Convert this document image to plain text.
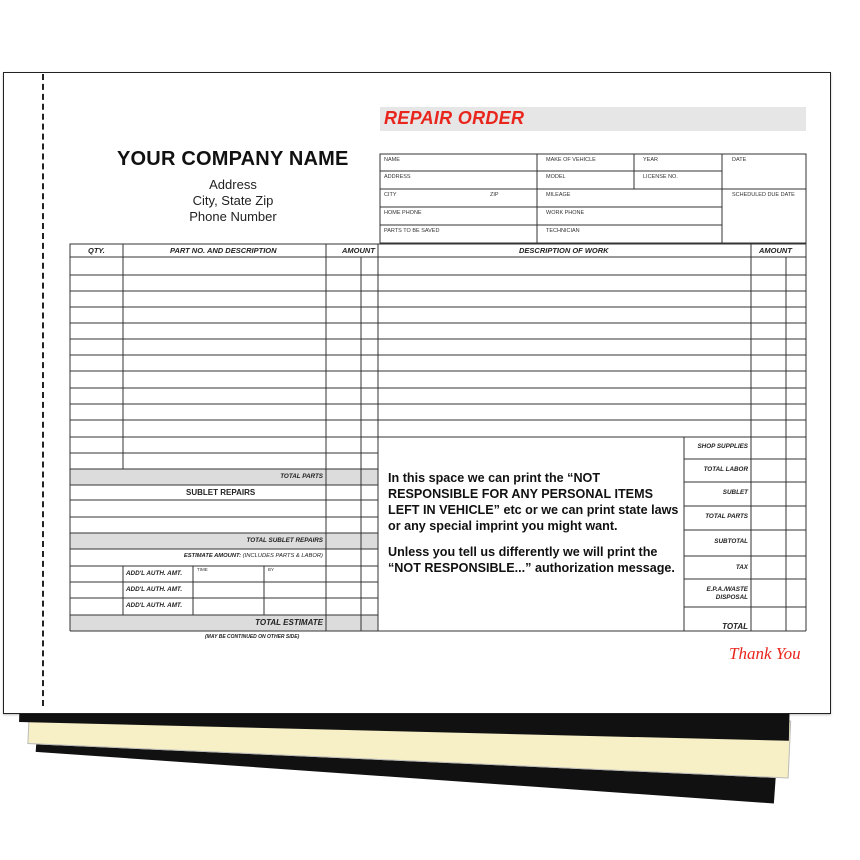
REPAIR ORDER
YOUR COMPANY NAME
Address
City, State Zip
Phone Number
NAME	MAKE OF VEHICLE	YEAR	DATE
ADDRESS	MODEL	LICENSE NO.
CITY	ZIP	MILEAGE	SCHEDULED DUE DATE
HOME PHONE	WORK PHONE
PARTS TO BE SAVED	TECHNICIAN
QTY.	PART NO. AND DESCRIPTION	AMOUNT	DESCRIPTION OF WORK	AMOUNT
TOTAL PARTS
SUBLET REPAIRS
TOTAL SUBLET REPAIRS
ESTIMATE AMOUNT: (INCLUDES PARTS & LABOR)
ADD'L AUTH. AMT.
ADD'L AUTH. AMT.
ADD'L AUTH. AMT.
TIME	BY
TOTAL ESTIMATE
(MAY BE CONTINUED ON OTHER SIDE)
In this space we can print the “NOT RESPONSIBLE FOR ANY PERSONAL ITEMS LEFT IN VEHICLE” etc or we can print state laws or any special imprint you might want.
Unless you tell us differently we will print the “NOT RESPONSIBLE...” authorization message.
SHOP SUPPLIES
TOTAL LABOR
SUBLET
TOTAL PARTS
SUBTOTAL
TAX
E.P.A./WASTE
DISPOSAL
TOTAL
Thank You
